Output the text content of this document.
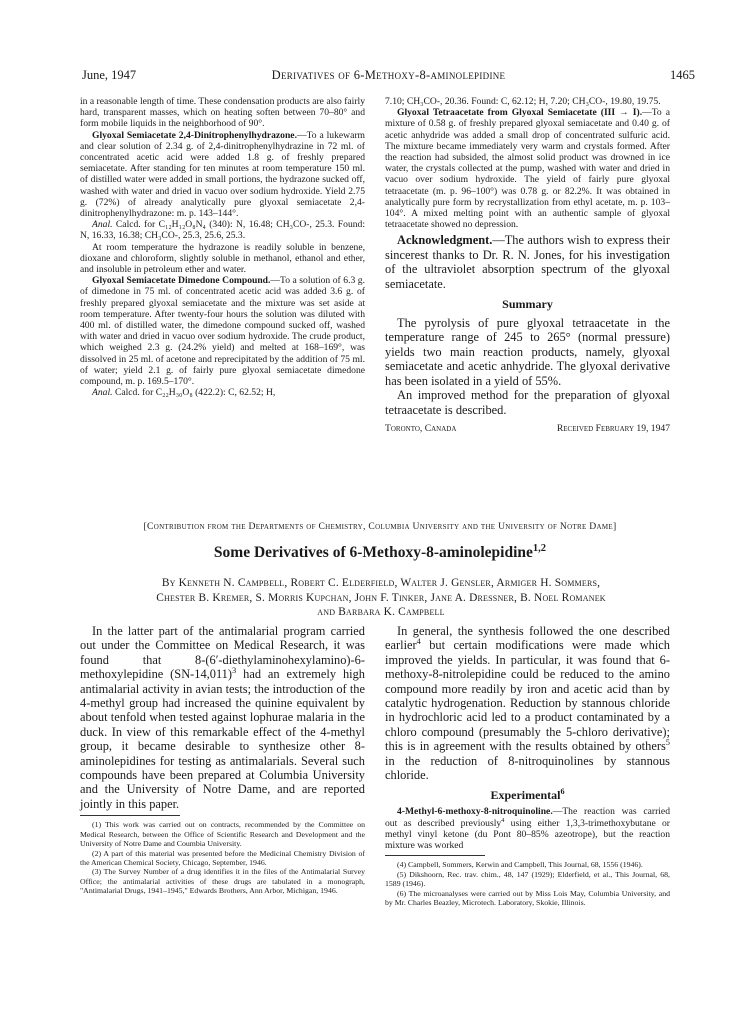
June, 1947	Derivatives of 6-Methoxy-8-aminolepidine	1465

in a reasonable length of time. These condensation products are also fairly hard, transparent masses, which on heating soften between 70–80° and form mobile liquids in the neighborhood of 90°.

Glyoxal Semiacetate 2,4-Dinitrophenylhydrazone.—To a lukewarm and clear solution of 2.34 g. of 2,4-dinitrophenylhydrazine in 72 ml. of concentrated acetic acid were added 1.8 g. of freshly prepared semiacetate. After standing for ten minutes at room temperature 150 ml. of distilled water were added in small portions, the hydrazone sucked off, washed with water and dried in vacuo over sodium hydroxide. Yield 2.75 g. (72%) of already analytically pure glyoxal semiacetate 2,4-dinitrophenylhydrazone: m. p. 143–144°.

Anal. Calcd. for C₁₂H₁₂O₈N₄ (340): N, 16.48; CH₃CO-, 25.3. Found: N, 16.33, 16.38; CH₃CO-, 25.3, 25.6, 25.3.

At room temperature the hydrazone is readily soluble in benzene, dioxane and chloroform, slightly soluble in methanol, ethanol and ether, and insoluble in petroleum ether and water.

Glyoxal Semiacetate Dimedone Compound.—To a solution of 6.3 g. of dimedone in 75 ml. of concentrated acetic acid was added 3.6 g. of freshly prepared glyoxal semiacetate and the mixture was set aside at room temperature. After twenty-four hours the solution was diluted with 400 ml. of distilled water, the dimedone compound sucked off, washed with water and dried in vacuo over sodium hydroxide. The crude product, which weighed 2.3 g. (24.2% yield) and melted at 168–169°, was dissolved in 25 ml. of acetone and reprecipitated by the addition of 75 ml. of water; yield 2.1 g. of fairly pure glyoxal semiacetate dimedone compound, m. p. 169.5–170°.

Anal. Calcd. for C₂₂H₃₀O₈ (422.2): C, 62.52; H,

7.10; CH₃CO-, 20.36. Found: C, 62.12; H, 7.20; CH₃CO-, 19.80, 19.75.

Glyoxal Tetraacetate from Glyoxal Semiacetate (III → I).—To a mixture of 0.58 g. of freshly prepared glyoxal semiacetate and 0.40 g. of acetic anhydride was added a small drop of concentrated sulfuric acid. The mixture became immediately very warm and crystals formed. After the reaction had subsided, the almost solid product was drowned in ice water, the crystals collected at the pump, washed with water and dried in vacuo over sodium hydroxide. The yield of fairly pure glyoxal tetraacetate (m. p. 96–100°) was 0.78 g. or 82.2%. It was obtained in analytically pure form by recrystallization from ethyl acetate, m. p. 103–104°. A mixed melting point with an authentic sample of glyoxal tetraacetate showed no depression.

Acknowledgment.—The authors wish to express their sincerest thanks to Dr. R. N. Jones, for his investigation of the ultraviolet absorption spectrum of the glyoxal semiacetate.

Summary

The pyrolysis of pure glyoxal tetraacetate in the temperature range of 245 to 265° (normal pressure) yields two main reaction products, namely, glyoxal semiacetate and acetic anhydride. The glyoxal derivative has been isolated in a yield of 55%.

An improved method for the preparation of glyoxal tetraacetate is described.

Toronto, Canada	Received February 19, 1947
[Contribution from the Departments of Chemistry, Columbia University and the University of Notre Dame]
Some Derivatives of 6-Methoxy-8-aminolepidine$^{1,2}$
By Kenneth N. Campbell, Robert C. Elderfield, Walter J. Gensler, Armiger H. Sommers,
Chester B. Kremer, S. Morris Kupchan, John F. Tinker, Jane A. Dressner, B. Noel Romanek
and Barbara K. Campbell

In the latter part of the antimalarial program carried out under the Committee on Medical Research, it was found that 8-(6′-diethylaminohexylamino)-6-methoxylepidine $(SN-14,011)^3$ had an extremely high antimalarial activity in avian tests; the introduction of the 4-methyl group had increased the quinine equivalent by about tenfold when tested against lophurae malaria in the duck. In view of this remarkable effect of the 4-methyl group, it became desirable to synthesize other 8-aminolepidines for testing as antimalarials. Several such compounds have been prepared at Columbia University and the University of Notre Dame, and are reported jointly in this paper.

(1) This work was carried out on contracts, recommended by the Committee on Medical Research, between the Office of Scientific Research and Development and the University of Notre Dame and Coumbia University.

(2) A part of this material was presented before the Medicinal Chemistry Division of the American Chemical Society, Chicago, September, 1946.

(3) The Survey Number of a drug identifies it in the files of the Antimalarial Survey Office; the antimalarial activities of these drugs are tabulated in a monograph, "Antimalarial Drugs, 1941–1945," Edwards Brothers, Ann Arbor, Michigan, 1946.

In general, the synthesis followed the one described earlier$^4$ but certain modifications were made which improved the yields. In particular, it was found that 6-methoxy-8-nitrolepidine could be reduced to the amino compound more readily by iron and acetic acid than by catalytic hydrogenation. Reduction by stannous chloride in hydrochloric acid led to a product contaminated by a chloro compound (presumably the 5-chloro derivative); this is in agreement with the results obtained by others$^5$ in the reduction of 8-nitroquinolines by stannous chloride.

Experimental$^6$

4-Methyl-6-methoxy-8-nitroquinoline.—The reaction was carried out as described previously$^4$ using either 1,3,3-trimethoxybutane or methyl vinyl ketone (du Pont 80–85% azeotrope), but the reaction mixture was worked

(4) Campbell, Sommers, Kerwin and Campbell, This Journal, 68, 1556 (1946).

(5) Dikshoorn, Rec. trav. chim., 48, 147 (1929); Elderfield, et al., This Journal, 68, 1589 (1946).

(6) The microanalyses were carried out by Miss Lois May, Columbia University, and by Mr. Charles Beazley, Microtech. Laboratory, Skokie, Illinois.
